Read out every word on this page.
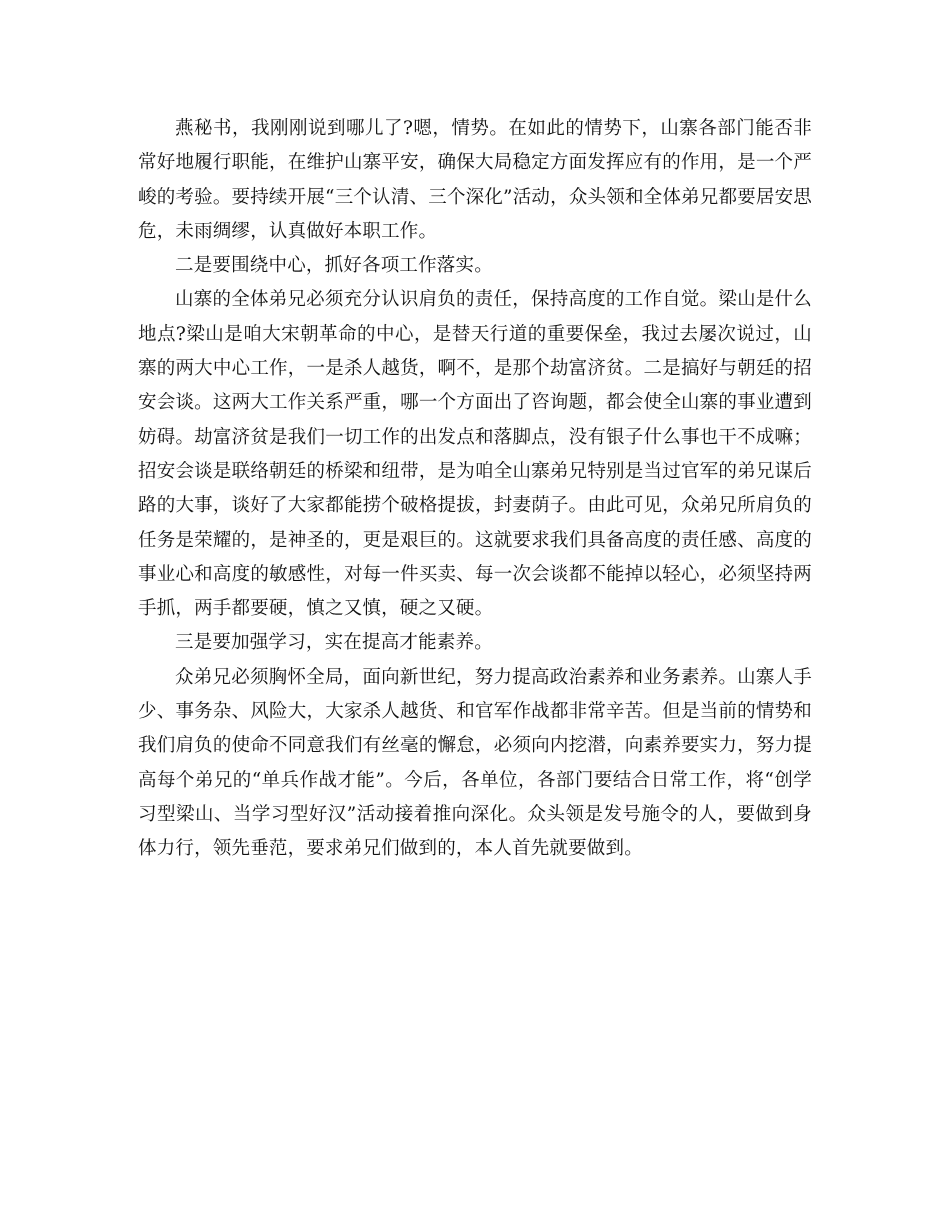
燕秘书，我刚刚说到哪儿了?嗯，情势。在如此的情势下，山寨各部门能否非常好地履行职能，在维护山寨平安，确保大局稳定方面发挥应有的作用，是一个严峻的考验。要持续开展“三个认清、三个深化”活动，众头领和全体弟兄都要居安思危，未雨绸缪，认真做好本职工作。

二是要围绕中心，抓好各项工作落实。

山寨的全体弟兄必须充分认识肩负的责任，保持高度的工作自觉。梁山是什么地点?梁山是咱大宋朝革命的中心，是替天行道的重要保垒，我过去屡次说过，山寨的两大中心工作，一是杀人越货，啊不，是那个劫富济贫。二是搞好与朝廷的招安会谈。这两大工作关系严重，哪一个方面出了咨询题，都会使全山寨的事业遭到妨碍。劫富济贫是我们一切工作的出发点和落脚点，没有银子什么事也干不成嘛；招安会谈是联络朝廷的桥梁和纽带，是为咱全山寨弟兄特别是当过官军的弟兄谋后路的大事，谈好了大家都能捞个破格提拔，封妻荫子。由此可见，众弟兄所肩负的任务是荣耀的，是神圣的，更是艰巨的。这就要求我们具备高度的责任感、高度的事业心和高度的敏感性，对每一件买卖、每一次会谈都不能掉以轻心，必须坚持两手抓，两手都要硬，慎之又慎，硬之又硬。

三是要加强学习，实在提高才能素养。

众弟兄必须胸怀全局，面向新世纪，努力提高政治素养和业务素养。山寨人手少、事务杂、风险大，大家杀人越货、和官军作战都非常辛苦。但是当前的情势和我们肩负的使命不同意我们有丝毫的懈怠，必须向内挖潜，向素养要实力，努力提高每个弟兄的“单兵作战才能”。今后，各单位，各部门要结合日常工作，将“创学习型梁山、当学习型好汉”活动接着推向深化。众头领是发号施令的人，要做到身体力行，领先垂范，要求弟兄们做到的，本人首先就要做到。
